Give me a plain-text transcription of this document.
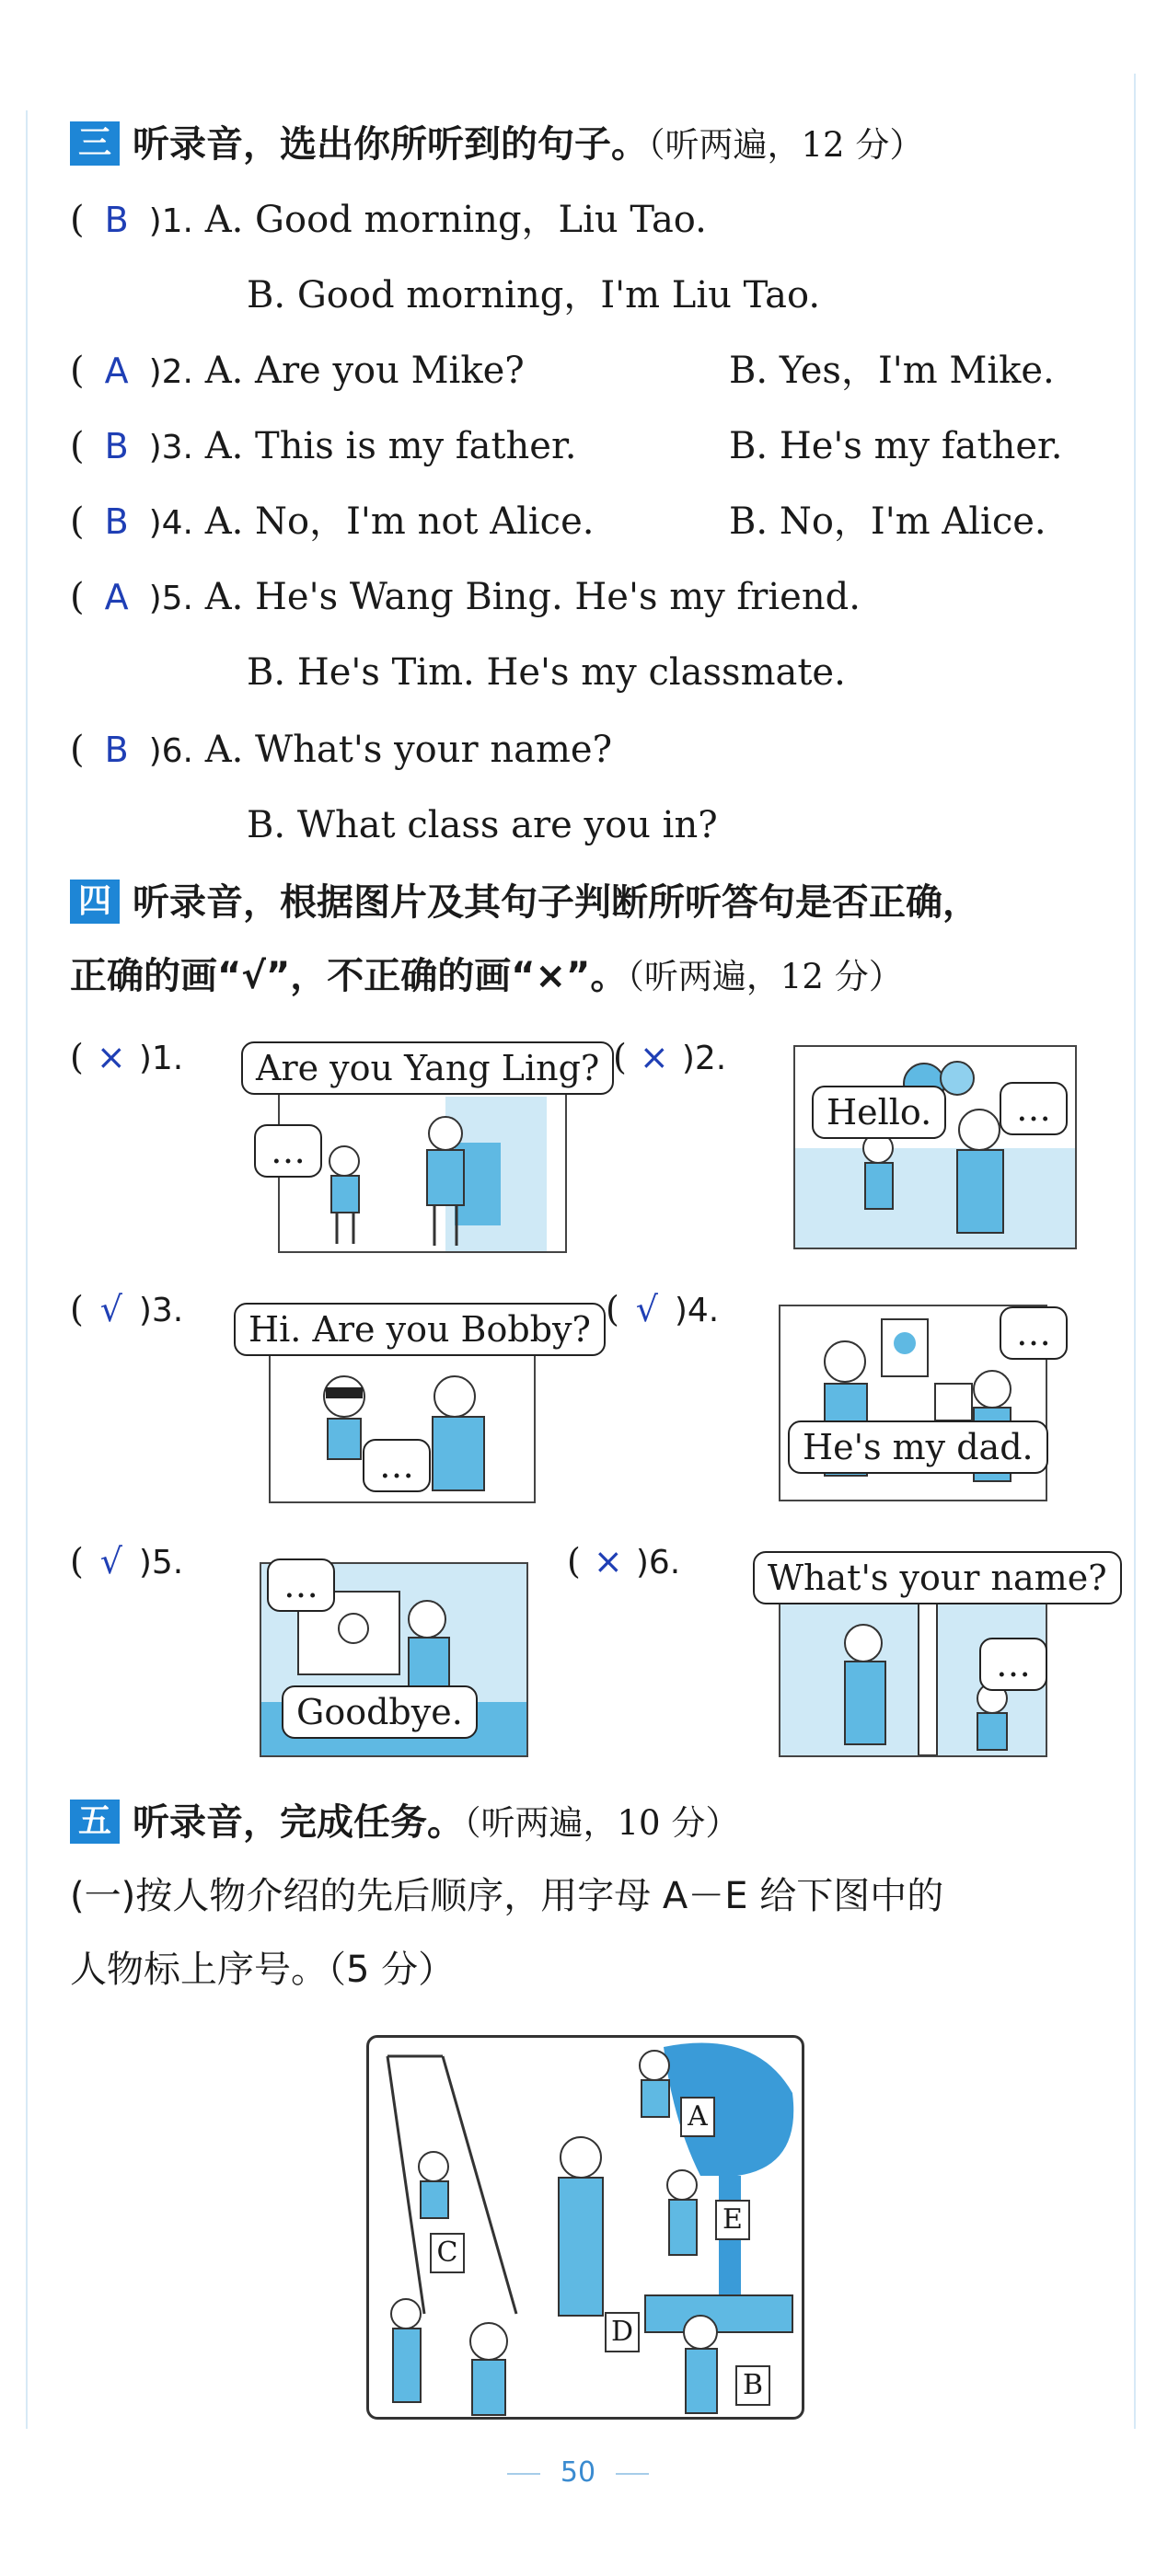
三 听录音，选出你所听到的句子。（听两遍，12 分）
( B )1. A. Good morning，Liu Tao.
B. Good morning，I'm Liu Tao.
( A )2. A. Are you Mike?	B. Yes，I'm Mike.
( B )3. A. This is my father.	B. He's my father.
( B )4. A. No，I'm not Alice.	B. No，I'm Alice.
( A )5. A. He's Wang Bing. He's my friend.
B. He's Tim. He's my classmate.
( B )6. A. What's your name?
B. What class are you in?
四 听录音，根据图片及其句子判断所听答句是否正确，
正确的画“√”，不正确的画“×”。（听两遍，12 分）
( × )1.	Are you Yang Ling?
…
( × )2.
Hello.	…
( √ )3.	Hi. Are you Bobby?
…
( √ )4.
…
He's my dad.
( √ )5.
…
Goodbye.
( × )6.	What's your name?
…
五 听录音，完成任务。（听两遍，10 分）
(一)按人物介绍的先后顺序，用字母 A－E 给下图中的
人物标上序号。（5 分）
A
E
C
D
B
50
